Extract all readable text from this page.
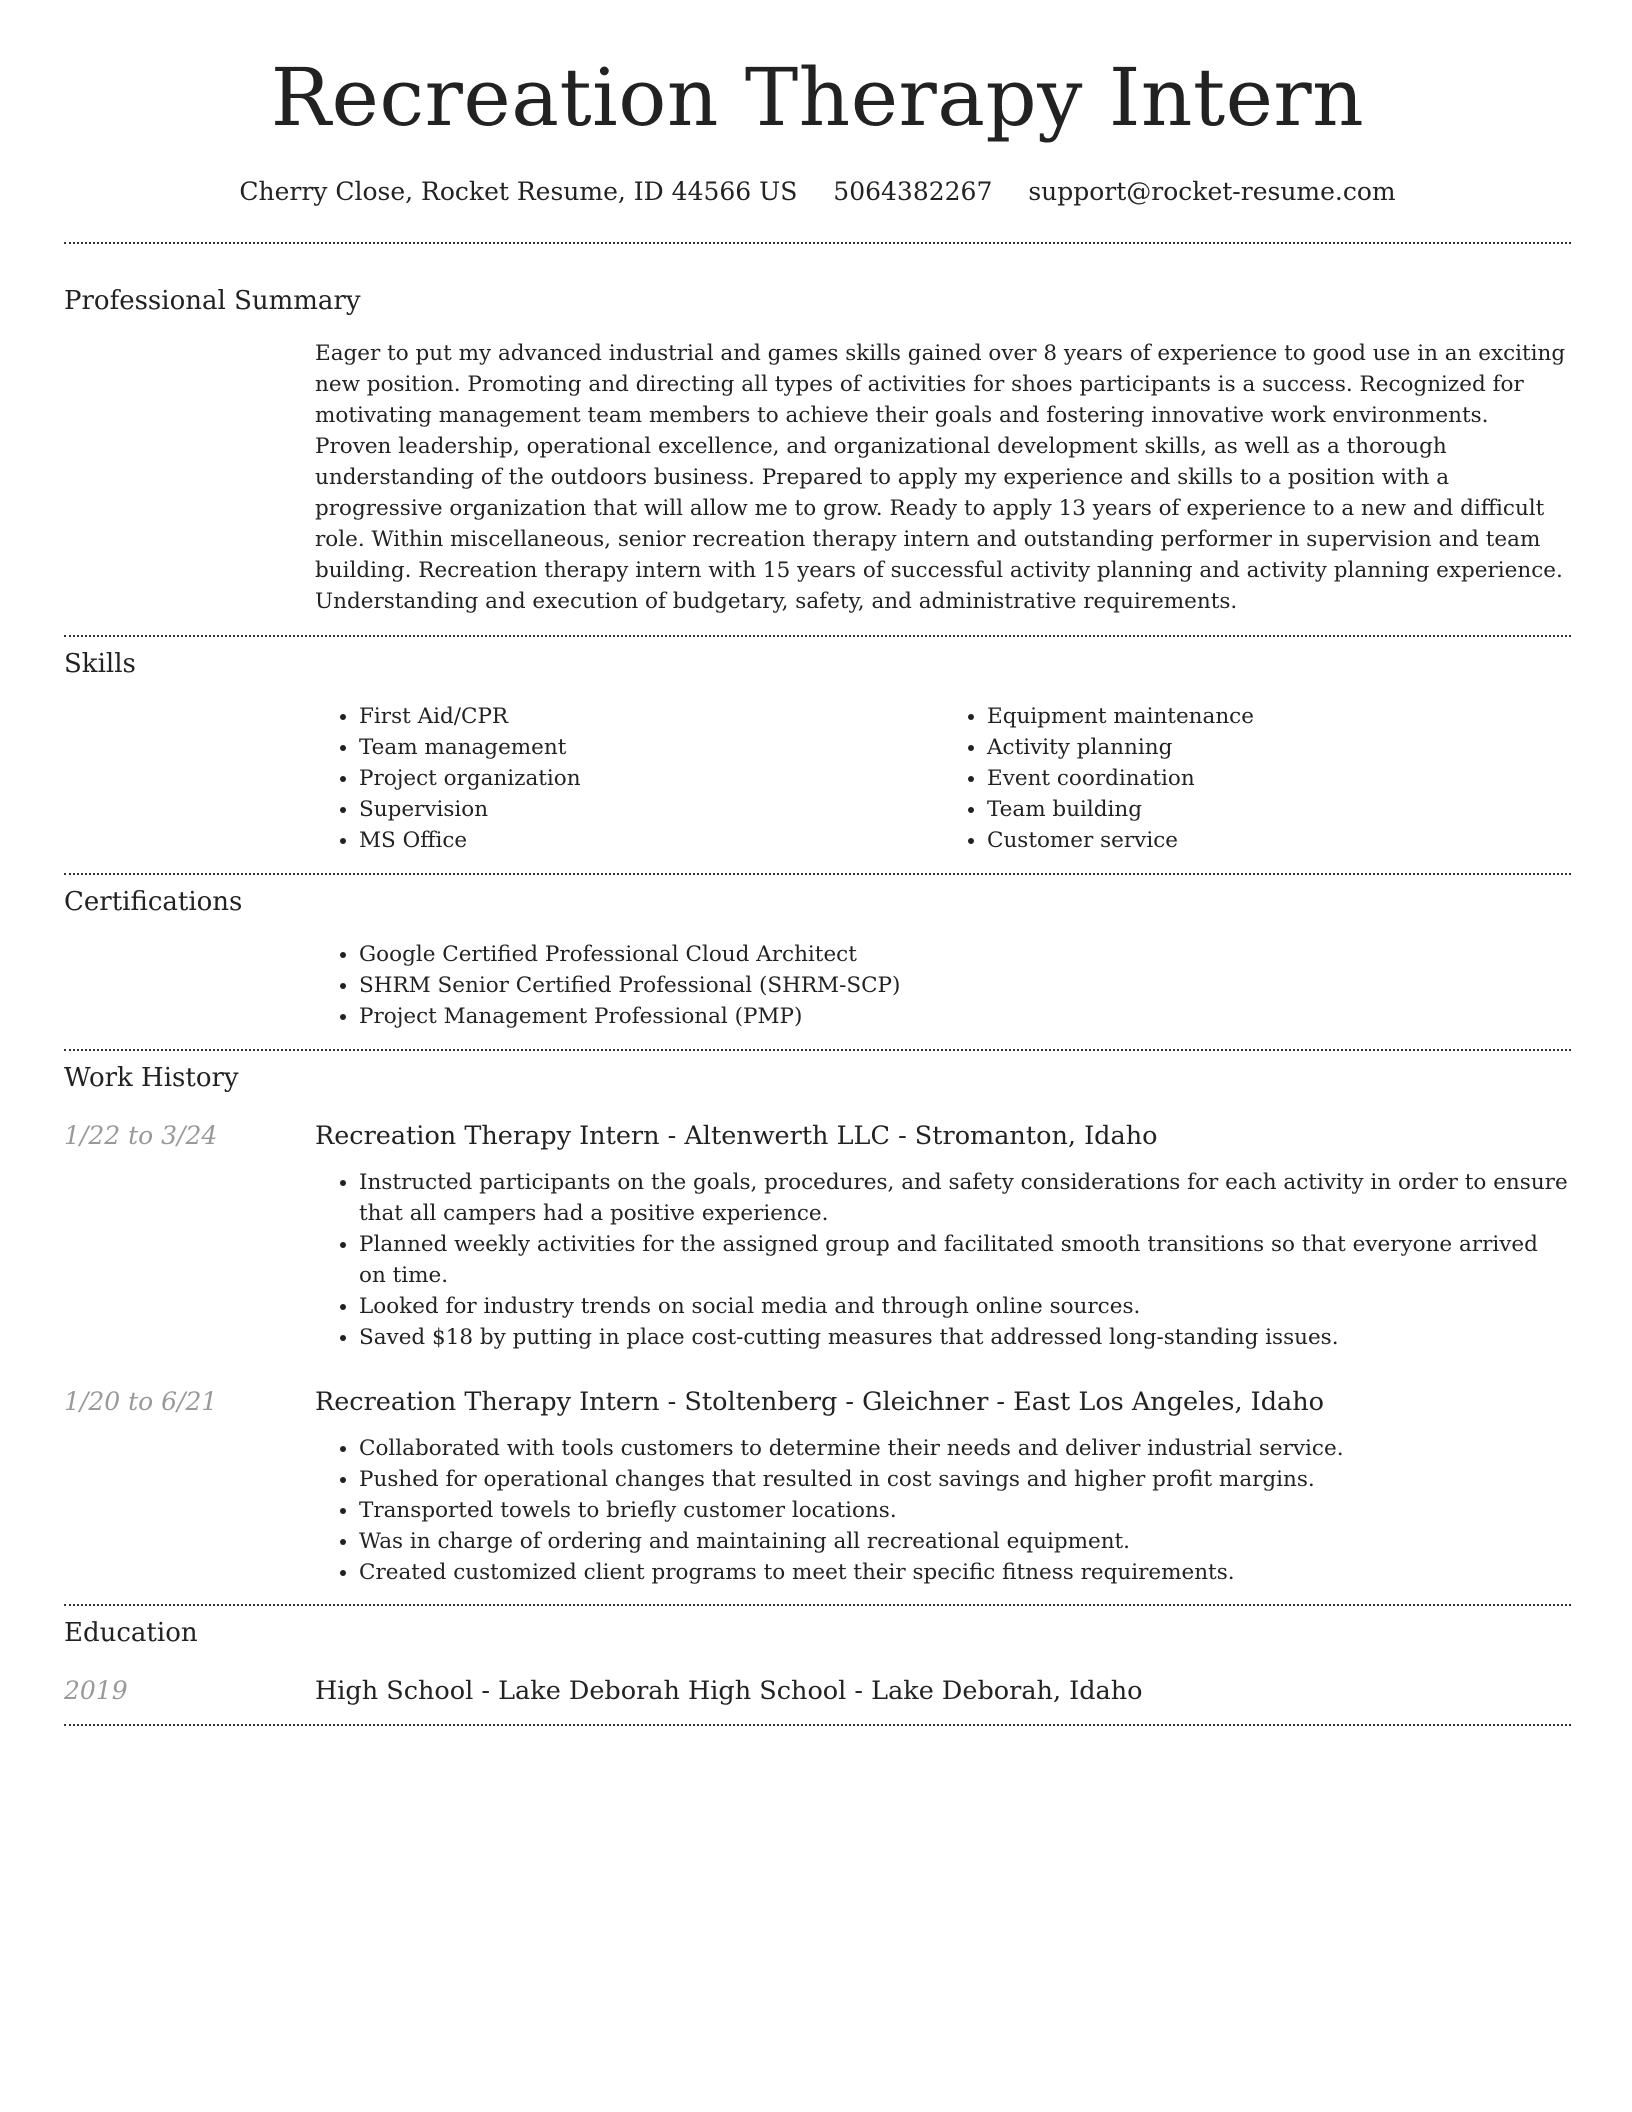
Recreation Therapy Intern
Cherry Close, Rocket Resume, ID 44566 US 5064382267 support@rocket-resume.com
Professional Summary

Eager to put my advanced industrial and games skills gained over 8 years of experience to good use in an exciting new position. Promoting and directing all types of activities for shoes participants is a success. Recognized for motivating management team members to achieve their goals and fostering innovative work environments. Proven leadership, operational excellence, and organizational development skills, as well as a thorough understanding of the outdoors business. Prepared to apply my experience and skills to a position with a progressive organization that will allow me to grow. Ready to apply 13 years of experience to a new and difficult role. Within miscellaneous, senior recreation therapy intern and outstanding performer in supervision and team building. Recreation therapy intern with 15 years of successful activity planning and activity planning experience. Understanding and execution of budgetary, safety, and administrative requirements.

Skills
• First Aid/CPR
• Team management
• Project organization
• Supervision
• MS Office
• Equipment maintenance
• Activity planning
• Event coordination
• Team building
• Customer service
Certifications
• Google Certified Professional Cloud Architect
• SHRM Senior Certified Professional (SHRM-SCP)
• Project Management Professional (PMP)
Work History
1/22 to 3/24	Recreation Therapy Intern - Altenwerth LLC - Stromanton, Idaho
• Instructed participants on the goals, procedures, and safety considerations for each activity in order to ensure that all campers had a positive experience.
• Planned weekly activities for the assigned group and facilitated smooth transitions so that everyone arrived on time.
• Looked for industry trends on social media and through online sources.
• Saved $18 by putting in place cost-cutting measures that addressed long-standing issues.
1/20 to 6/21	Recreation Therapy Intern - Stoltenberg - Gleichner - East Los Angeles, Idaho
• Collaborated with tools customers to determine their needs and deliver industrial service.
• Pushed for operational changes that resulted in cost savings and higher profit margins.
• Transported towels to briefly customer locations.
• Was in charge of ordering and maintaining all recreational equipment.
• Created customized client programs to meet their specific fitness requirements.
Education
2019	High School - Lake Deborah High School - Lake Deborah, Idaho
